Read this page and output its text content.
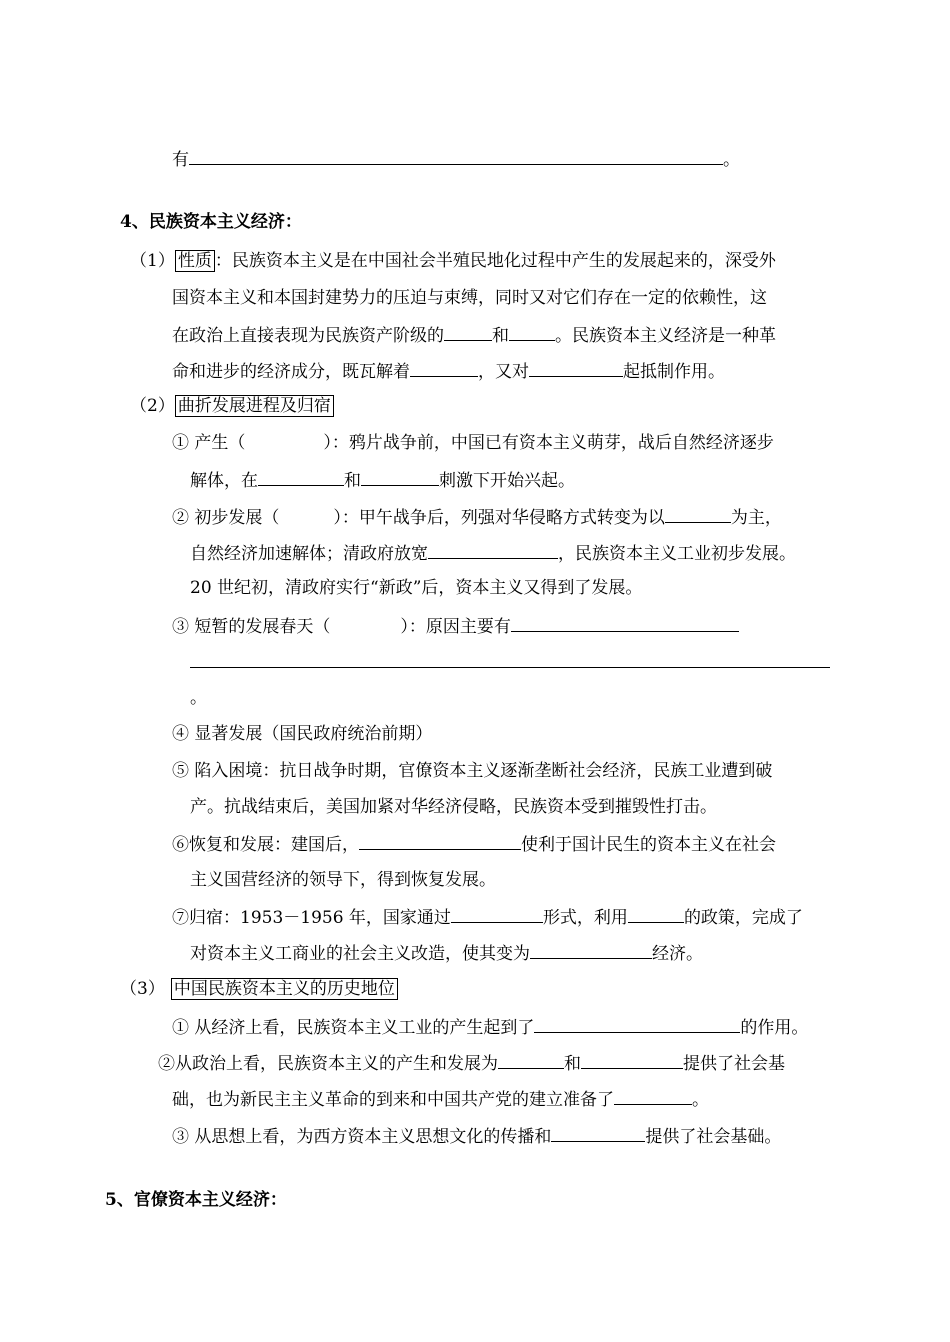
有	。
4、民族资本主义经济：
（1） 性质 ：民族资本主义是在中国社会半殖民地化过程中产生的发展起来的，深受外
国资本主义和本国封建势力的压迫与束缚，同时又对它们存在一定的依赖性，这
在政治上直接表现为民族资产阶级的	和	。民族资本主义经济是一种革
命和进步的经济成分，既瓦解着	，又对	起抵制作用。
（2） 曲折发展进程及归宿
① 产生（	）：鸦片战争前，中国已有资本主义萌芽，战后自然经济逐步
解体，在	和	刺激下开始兴起。
② 初步发展（	）：甲午战争后，列强对华侵略方式转变为以	为主，
自然经济加速解体；清政府放宽	，民族资本主义工业初步发展。
20 世纪初，清政府实行“新政”后，资本主义又得到了发展。
③ 短暂的发展春天（	）：原因主要有
。
④ 显著发展（国民政府统治前期）
⑤ 陷入困境：抗日战争时期，官僚资本主义逐渐垄断社会经济，民族工业遭到破
产。抗战结束后，美国加紧对华经济侵略，民族资本受到摧毁性打击。
⑥恢复和发展：建国后，	使利于国计民生的资本主义在社会
主义国营经济的领导下，得到恢复发展。
⑦归宿：1953－1956 年，国家通过	形式，利用	的政策，完成了
对资本主义工商业的社会主义改造，使其变为	经济。
（3） 中国民族资本主义的历史地位
① 从经济上看，民族资本主义工业的产生起到了	的作用。
②从政治上看，民族资本主义的产生和发展为	和	提供了社会基
础，也为新民主主义革命的到来和中国共产党的建立准备了	。
③ 从思想上看，为西方资本主义思想文化的传播和	提供了社会基础。
5、官僚资本主义经济：
